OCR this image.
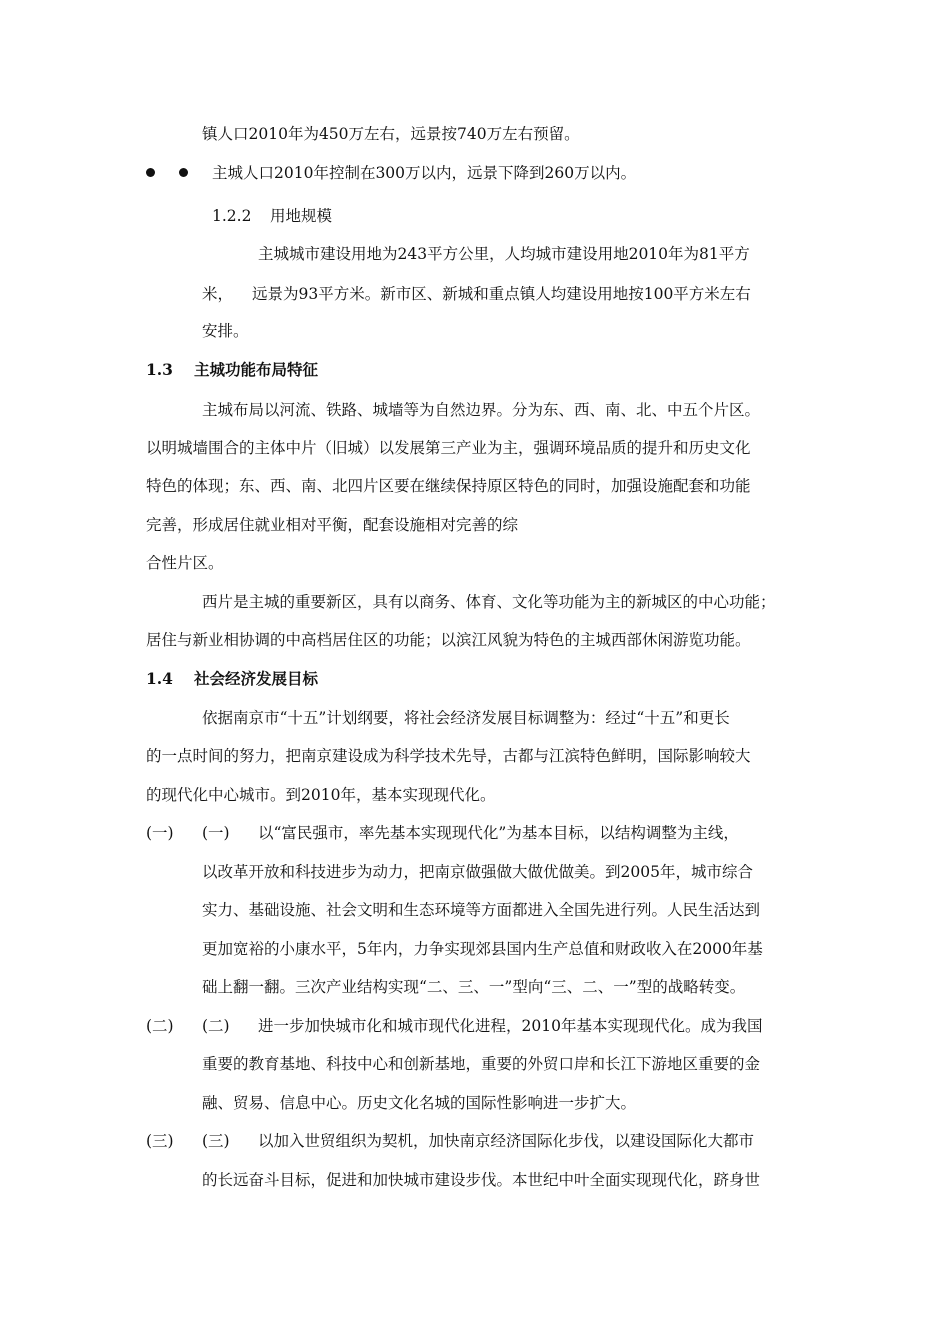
镇人口2010年为450万左右，远景按740万左右预留。
主城人口2010年控制在300万以内，远景下降到260万以内。
1.2.2 用地规模
主城城市建设用地为243平方公里，人均城市建设用地2010年为81平方
米， 远景为93平方米。新市区、新城和重点镇人均建设用地按100平方米左右
安排。
1.3 主城功能布局特征
主城布局以河流、铁路、城墙等为自然边界。分为东、西、南、北、中五个片区。
以明城墙围合的主体中片（旧城）以发展第三产业为主，强调环境品质的提升和历史文化
特色的体现；东、西、南、北四片区要在继续保持原区特色的同时，加强设施配套和功能
完善，形成居住就业相对平衡，配套设施相对完善的综
合性片区。
西片是主城的重要新区，具有以商务、体育、文化等功能为主的新城区的中心功能；
居住与新业相协调的中高档居住区的功能；以滨江风貌为特色的主城西部休闲游览功能。
1.4 社会经济发展目标
依据南京市“十五”计划纲要，将社会经济发展目标调整为：经过“十五”和更长
的一点时间的努力，把南京建设成为科学技术先导，古都与江滨特色鲜明，国际影响较大
的现代化中心城市。到2010年，基本实现现代化。
(一) (一) 以“富民强市，率先基本实现现代化”为基本目标，以结构调整为主线，
以改革开放和科技进步为动力，把南京做强做大做优做美。到2005年，城市综合
实力、基础设施、社会文明和生态环境等方面都进入全国先进行列。人民生活达到
更加宽裕的小康水平，5年内，力争实现郊县国内生产总值和财政收入在2000年基
础上翻一翻。三次产业结构实现“二、三、一”型向“三、二、一”型的战略转变。
(二) (二) 进一步加快城市化和城市现代化进程，2010年基本实现现代化。成为我国
重要的教育基地、科技中心和创新基地，重要的外贸口岸和长江下游地区重要的金
融、贸易、信息中心。历史文化名城的国际性影响进一步扩大。
(三) (三) 以加入世贸组织为契机，加快南京经济国际化步伐，以建设国际化大都市
的长远奋斗目标，促进和加快城市建设步伐。本世纪中叶全面实现现代化，跻身世
